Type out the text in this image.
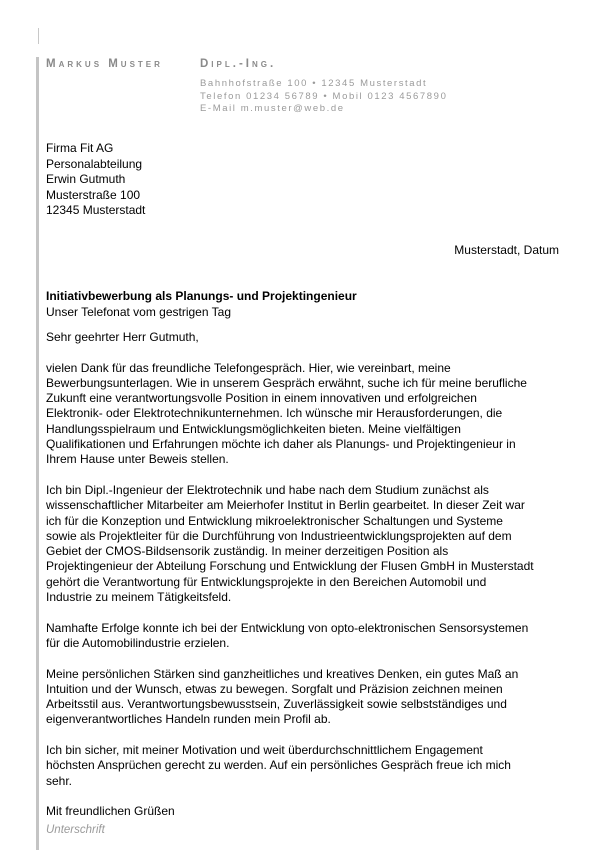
Markus Muster	Dipl.-Ing.
Bahnhofstraße 100 • 12345 Musterstadt
Telefon 01234 56789 • Mobil 0123 4567890
E-Mail m.muster@web.de
Firma Fit AG
Personalabteilung
Erwin Gutmuth
Musterstraße 100
12345 Musterstadt
Musterstadt, Datum
Initiativbewerbung als Planungs- und Projektingenieur
Unser Telefonat vom gestrigen Tag

Sehr geehrter Herr Gutmuth,

vielen Dank für das freundliche Telefongespräch. Hier, wie vereinbart, meine
Bewerbungsunterlagen. Wie in unserem Gespräch erwähnt, suche ich für meine berufliche
Zukunft eine verantwortungsvolle Position in einem innovativen und erfolgreichen
Elektronik- oder Elektrotechnikunternehmen. Ich wünsche mir Herausforderungen, die
Handlungsspielraum und Entwicklungsmöglichkeiten bieten. Meine vielfältigen
Qualifikationen und Erfahrungen möchte ich daher als Planungs- und Projektingenieur in
Ihrem Hause unter Beweis stellen.

Ich bin Dipl.-Ingenieur der Elektrotechnik und habe nach dem Studium zunächst als
wissenschaftlicher Mitarbeiter am Meierhofer Institut in Berlin gearbeitet. In dieser Zeit war
ich für die Konzeption und Entwicklung mikroelektronischer Schaltungen und Systeme
sowie als Projektleiter für die Durchführung von Industrieentwicklungsprojekten auf dem
Gebiet der CMOS-Bildsensorik zuständig. In meiner derzeitigen Position als
Projektingenieur der Abteilung Forschung und Entwicklung der Flusen GmbH in Musterstadt
gehört die Verantwortung für Entwicklungsprojekte in den Bereichen Automobil und
Industrie zu meinem Tätigkeitsfeld.

Namhafte Erfolge konnte ich bei der Entwicklung von opto-elektronischen Sensorsystemen
für die Automobilindustrie erzielen.

Meine persönlichen Stärken sind ganzheitliches und kreatives Denken, ein gutes Maß an
Intuition und der Wunsch, etwas zu bewegen. Sorgfalt und Präzision zeichnen meinen
Arbeitsstil aus. Verantwortungsbewusstsein, Zuverlässigkeit sowie selbstständiges und
eigenverantwortliches Handeln runden mein Profil ab.

Ich bin sicher, mit meiner Motivation und weit überdurchschnittlichem Engagement
höchsten Ansprüchen gerecht zu werden. Auf ein persönliches Gespräch freue ich mich
sehr.

Mit freundlichen Grüßen

Unterschrift
